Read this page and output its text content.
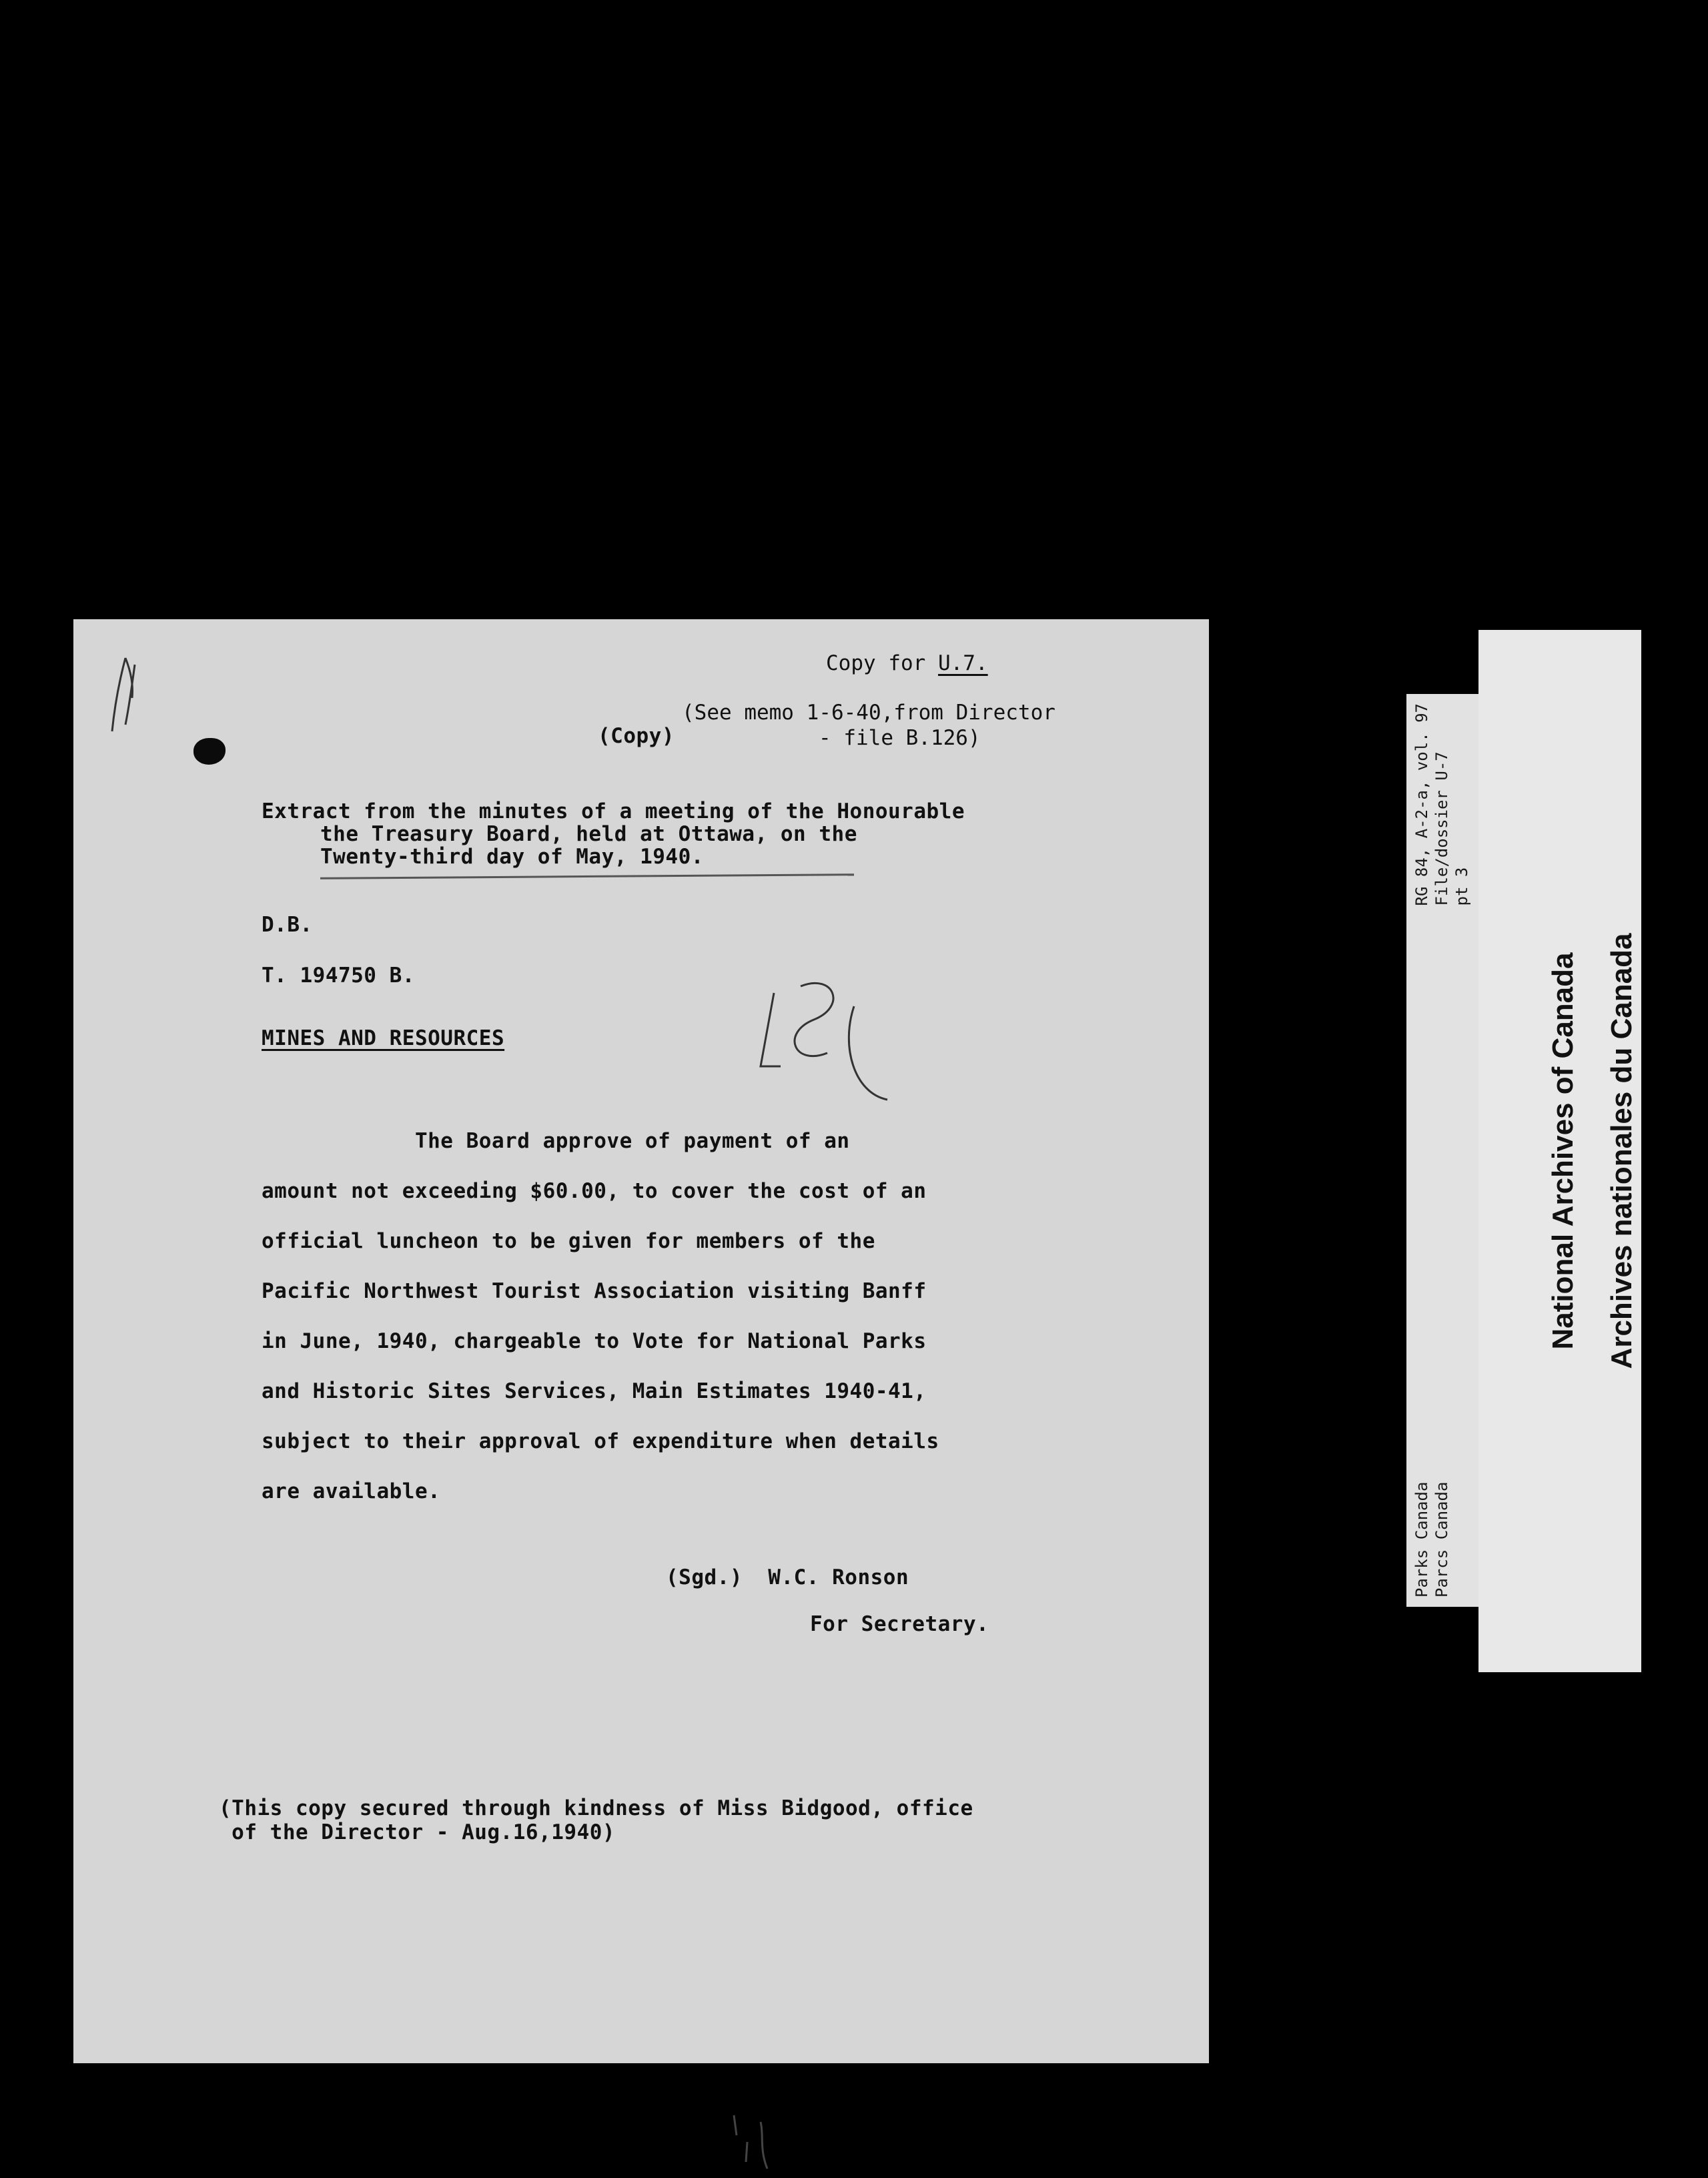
Copy for U.7.

(See memo 1-6-40,from Director

- file B.126)

(Copy)

Extract from the minutes of a meeting of the Honourable

the Treasury Board, held at Ottawa, on the

Twenty-third day of May, 1940.

D.B.

T. 194750 B.

MINES AND RESOURCES

The Board approve of payment of an

amount not exceeding $60.00, to cover the cost of an

official luncheon to be given for members of the

Pacific Northwest Tourist Association visiting Banff

in June, 1940, chargeable to Vote for National Parks

and Historic Sites Services, Main Estimates 1940-41,

subject to their approval of expenditure when details

are available.

(Sgd.)  W.C. Ronson

For Secretary.

(This copy secured through kindness of Miss Bidgood, office

of the Director - Aug.16,1940)

Parks Canada
Parcs Canada

RG 84, A-2-a, vol. 97
File/dossier U-7
pt 3

National Archives of Canada

Archives nationales du Canada
